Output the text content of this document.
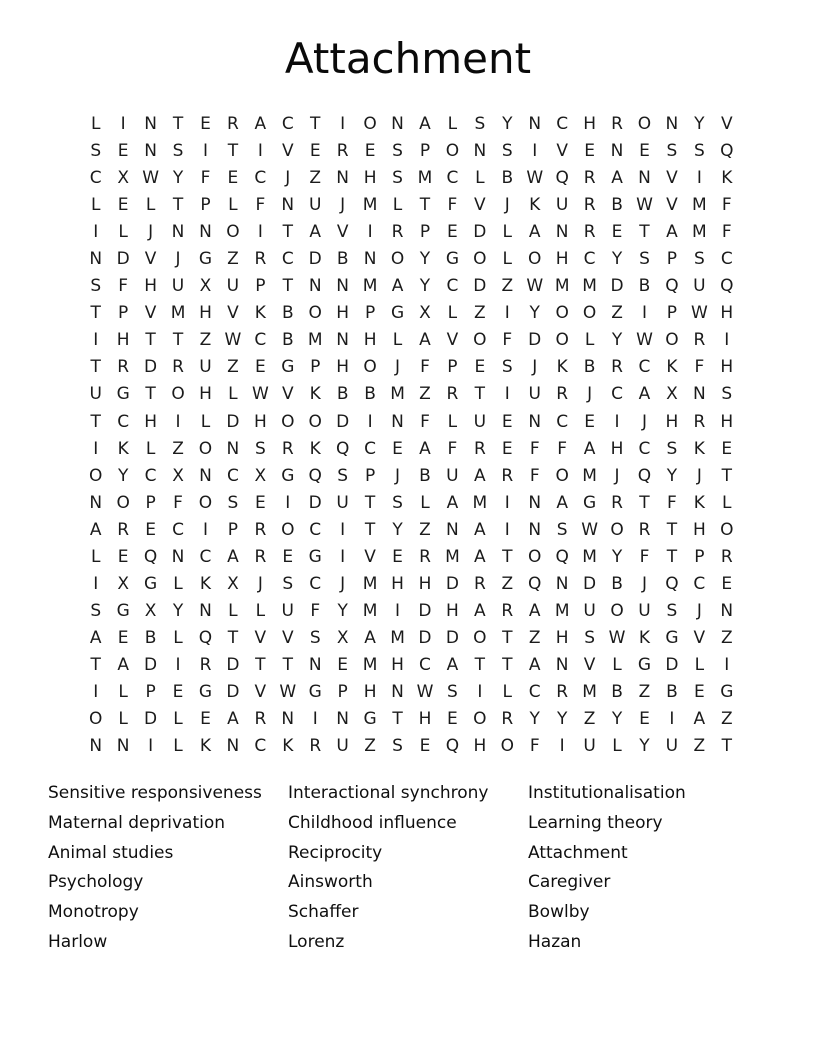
Attachment
L	I	N T E R A C T	I	O N A L	S Y N C H R O N Y V
S E N S	I	T	I	V E R E S P O N S	I	V E N E S S Q
C X W Y	F	E C	J	Z N H S M C L B W Q R A N V	I	K
L	E	L	T	P	L	F N U	J	M L	T	F V	J	K U R B W V M F
I	L	J	N N O	I	T A V	I	R P E D L A N R E T A M F
N D V	J	G Z R C D B N O Y G O L O H C Y S P S C
S	F H U X U P	T N N M A Y C D Z W M M D B Q U Q
T	P V M H V K B O H P G X L Z	I	Y O O Z	I	P W H
I	H T	T Z W C B M N H L A V O F D O L	Y W O R	I
T R D R U Z E G P H O	J	F	P E S	J	K B R C K F H
U G T O H L W V K B B M Z R T	I	U R	J	C A X N S
T C H	I	L D H O O D	I	N F	L U E N C E	I	J	H R H
I	K	L Z O N S R K Q C E A F R E	F	F A H C S K E
O Y C X N C X G Q S P	J	B U A R F O M	J	Q Y	J	T
N O P	F O S E	I	D U T S	L A M	I	N A G R T	F K	L
A R E C	I	P R O C	I	T	Y Z N A	I	N S W O R T H O
L	E Q N C A R E G	I	V E R M A T O Q M Y	F	T	P R
I	X G L	K X	J	S C	J	M H H D R Z Q N D B	J	Q C E
S G X Y N L	L U F	Y M	I	D H A R A M U O U S	J	N
A E B L Q T V V S X A M D D O T Z H S W K G V Z
T A D	I	R D T	T N E M H C A T	T A N V L G D L	I
I	L	P E G D V W G P H N W S	I	L C R M B Z B E G
O L D L	E A R N	I	N G T H E O R Y	Y Z Y E	I	A Z
N N	I	L	K N C K R U Z S E Q H O F	I	U L	Y U Z T
Sensitive responsiveness
Maternal deprivation
Animal studies
Psychology
Monotropy
Harlow
Interactional synchrony
Childhood influence
Reciprocity
Ainsworth
Schaffer
Lorenz
Institutionalisation
Learning theory
Attachment
Caregiver
Bowlby
Hazan
